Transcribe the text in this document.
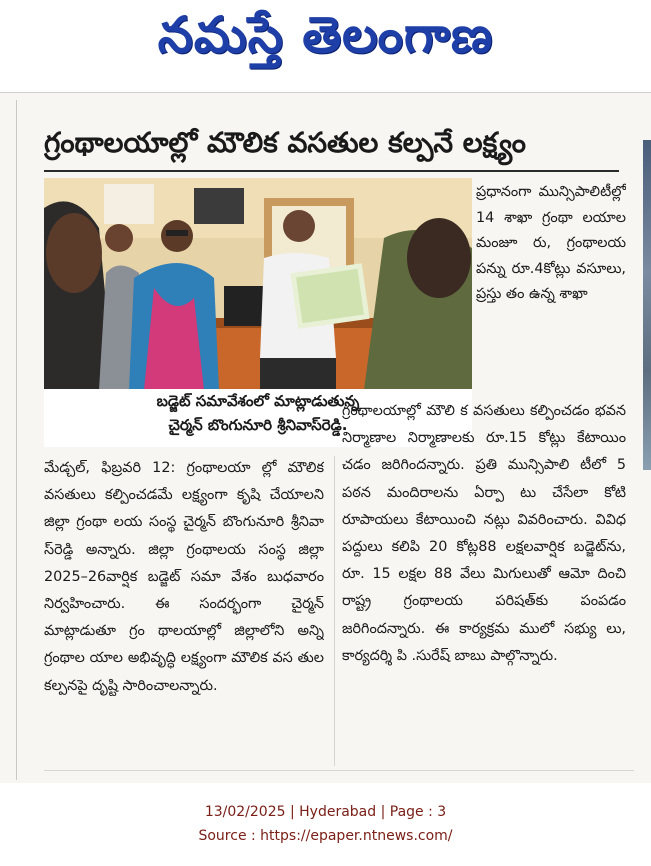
నమస్తే తెలంగాణ
గ్రంథాలయాల్లో మౌలిక వసతుల కల్పనే లక్ష్యం
బడ్జెట్ సమావేశంలో మాట్లాడుతున్న
చైర్మన్ బొంగునూరి శ్రీనివాస్‌రెడ్డి.
ప్రధానంగా మున్సిపాలిటీల్లో 14 శాఖా గ్రంథా లయాల మంజూ రు, గ్రంథాలయ పన్ను రూ.4కోట్లు వసూలు, ప్రస్తు తం ఉన్న శాఖా
మేడ్చల్, ఫిబ్రవరి 12: గ్రంథాలయా ల్లో మౌలిక వసతులు కల్పించడమే లక్ష్యంగా కృషి చేయాలని జిల్లా గ్రంథా లయ సంస్థ చైర్మన్ బొంగునూరి శ్రీనివా స్‌రెడ్డి అన్నారు. జిల్లా గ్రంథాలయ సంస్థ జిల్లా 2025–26వార్షిక బడ్జెట్ సమా వేశం బుధవారం నిర్వహించారు. ఈ సందర్భంగా చైర్మన్ మాట్లాడుతూ గ్రం థాలయాల్లో జిల్లాలోని అన్ని గ్రంథాల యాల అభివృద్ధి లక్ష్యంగా మౌలిక వస తుల కల్పనపై దృష్టి సారించాలన్నారు.
గ్రంథాలయాల్లో మౌలి క వసతులు కల్పించడం భవన నిర్మాణాల నిర్మాణాలకు రూ.15 కోట్లు కేటాయిం చడం జరిగిందన్నారు. ప్రతి మున్సిపాలి టీలో 5 పఠన మందిరాలను ఏర్పా టు చేసేలా కోటి రూపాయలు కేటాయించి నట్లు వివరించారు. వివిధ పద్దులు కలిపి 20 కోట్ల88 లక్షలవార్షిక బడ్జెట్‌ను, రూ. 15 లక్షల 88 వేలు మిగులుతో ఆమో దించి రాష్ట్ర గ్రంథాలయ పరిషత్‌కు పంపడం జరిగిందన్నారు. ఈ కార్యక్రమ ములో సభ్యు లు, కార్యదర్శి పి .సురేష్ బాబు పాల్గొన్నారు.
13/02/2025 | Hyderabad | Page : 3
Source : https://epaper.ntnews.com/
